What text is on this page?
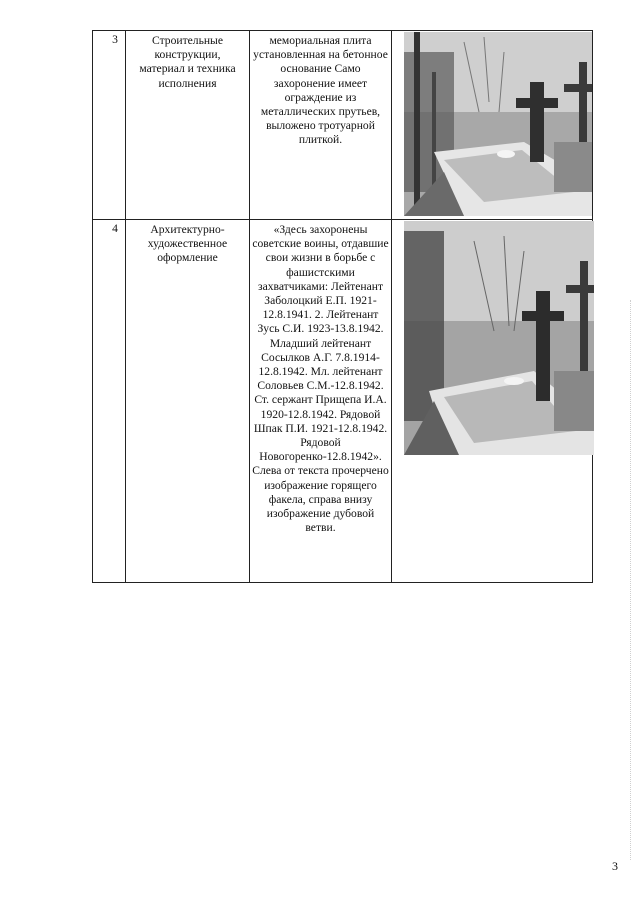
3	Строительные конструкции, материал и техника исполнения	мемориальная плита установленная на бетонное основание Само захоронение имеет ограждение из металлических прутьев, выложено тротуарной плиткой.	

4	Архитектурно-художественное оформление	«Здесь захоронены советские воины, отдавшие свои жизни в борьбе с фашистскими захватчиками: Лейтенант Заболоцкий Е.П. 1921-12.8.1941. 2. Лейтенант Зусь С.И. 1923-13.8.1942. Младший лейтенант Сосылков А.Г. 7.8.1914-12.8.1942. Мл. лейтенант Соловьев С.М.-12.8.1942. Ст. сержант Прищепа И.А. 1920-12.8.1942. Рядовой Шпак П.И. 1921-12.8.1942. Рядовой Новогоренко-12.8.1942». Слева от текста прочерчено изображение горящего факела, справа внизу изображение дубовой ветви.	
3
